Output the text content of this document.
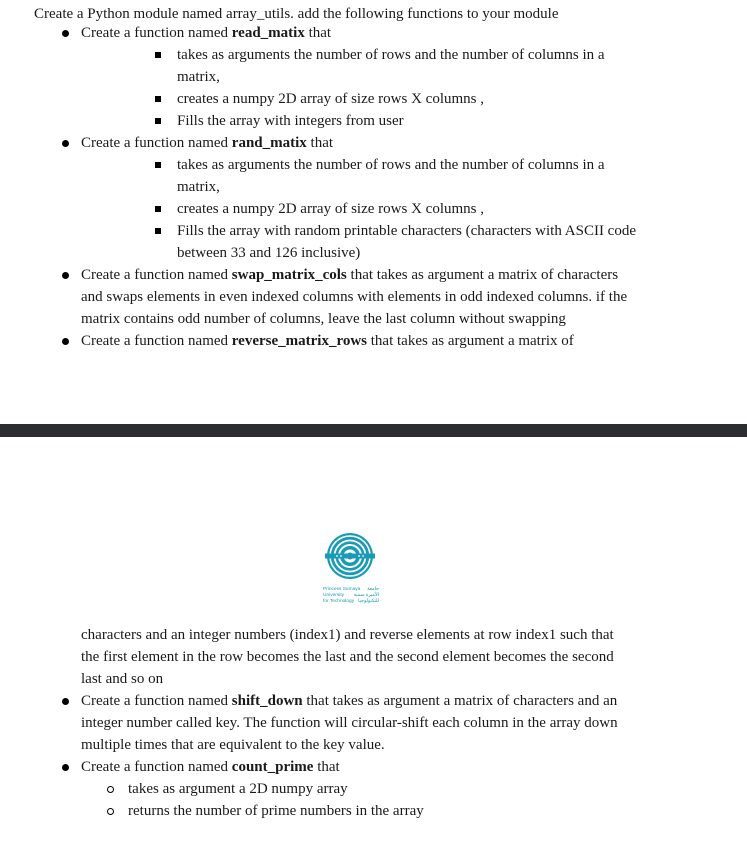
Create a Python module named array_utils. add the following functions to your module
Create a function named read_matix that
takes as arguments the number of rows and the number of columns in a
matrix,
creates a numpy 2D array of size rows X columns ,
Fills the array with integers from user
Create a function named rand_matix that
takes as arguments the number of rows and the number of columns in a
matrix,
creates a numpy 2D array of size rows X columns ,
Fills the array with random printable characters (characters with ASCII code
between 33 and 126 inclusive)
Create a function named swap_matrix_cols that takes as argument a matrix of characters
and swaps elements in even indexed columns with elements in odd indexed columns. if the
matrix contains odd number of columns, leave the last column without swapping
Create a function named reverse_matrix_rows that takes as argument a matrix of
Princess Sumaya
University
for Technology
جامعة
الأميرة سمية
للتكنولوجيا
characters and an integer numbers (index1) and reverse elements at row index1 such that
the first element in the row becomes the last and the second element becomes the second
last and so on
Create a function named shift_down that takes as argument a matrix of characters and an
integer number called key. The function will circular-shift each column in the array down
multiple times that are equivalent to the key value.
Create a function named count_prime that
takes as argument a 2D numpy array
returns the number of prime numbers in the array
